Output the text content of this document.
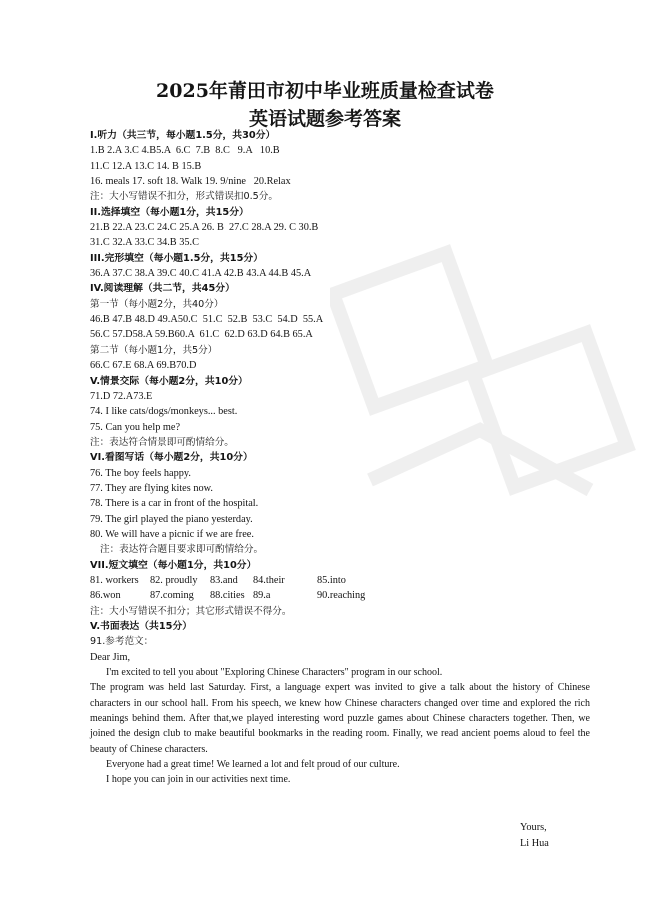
2025年莆田市初中毕业班质量检查试卷
英语试题参考答案
I.听力（共三节，每小题1.5分，共30分）
1.B 2.A 3.C 4.B5.A  6.C  7.B  8.C   9.A   10.B
11.C 12.A 13.C 14. B 15.B
16. meals 17. soft 18. Walk 19. 9/nine   20.Relax
注：大小写错误不扣分，形式错误扣0.5分。
II.选择填空（每小题1分，共15分）
21.B 22.A 23.C 24.C 25.A 26. B  27.C 28.A 29. C 30.B
31.C 32.A 33.C 34.B 35.C
III.完形填空（每小题1.5分，共15分）
36.A 37.C 38.A 39.C 40.C 41.A 42.B 43.A 44.B 45.A
IV.阅读理解（共二节，共45分）
第一节（每小题2分，共40分）
46.B 47.B 48.D 49.A50.C  51.C  52.B  53.C  54.D  55.A
56.C 57.D58.A 59.B60.A  61.C  62.D 63.D 64.B 65.A
第二节（每小题1分，共5分）
66.C 67.E 68.A 69.B70.D
V.情景交际（每小题2分，共10分）
71.D 72.A73.E
74. I like cats/dogs/monkeys... best.
75. Can you help me?
注：表达符合情景即可酌情给分。
VI.看图写话（每小题2分，共10分）
76. The boy feels happy.
77. They are flying kites now.
78. There is a car in front of the hospital.
79. The girl played the piano yesterday.
80. We will have a picnic if we are free.
注：表达符合题目要求即可酌情给分。
VII.短文填空（每小题1分，共10分）
81. workers	82. proudly	83.and	84.their	85.into
86.won	87.coming	88.cities 89.a	90.reaching
注：大小写错误不扣分；其它形式错误不得分。
V.书面表达（共15分）
91.参考范文：
Dear Jim,
I'm excited to tell you about "Exploring Chinese Characters" program in our school.
The program was held last Saturday. First, a language expert was invited to give a talk about the history of Chinese characters in our school hall. From his speech, we knew how Chinese characters changed over time and explored the rich meanings behind them. After that,we played interesting word puzzle games about Chinese characters together. Then, we joined the design club to make beautiful bookmarks in the reading room. Finally, we read ancient poems aloud to feel the beauty of Chinese characters.
Everyone had a great time! We learned a lot and felt proud of our culture.
I hope you can join in our activities next time.
Yours,
Li Hua
